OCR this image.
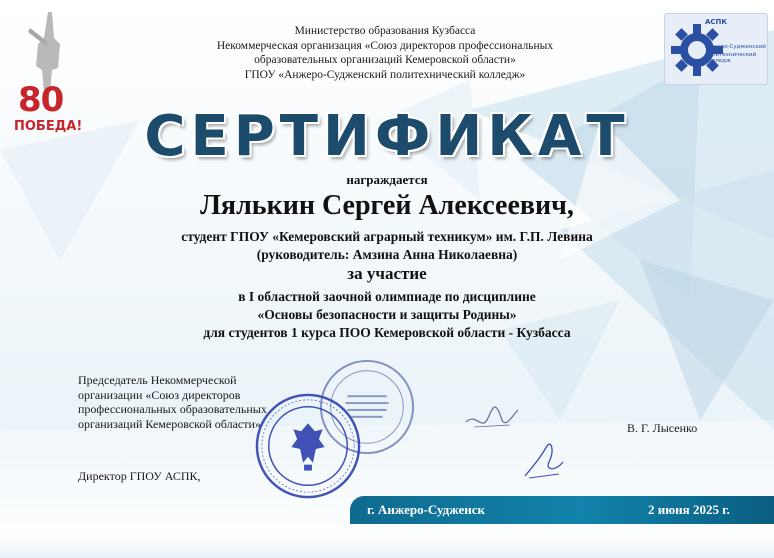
80
ПОБЕДА!
АСПК
Анжеро-Судженский
политехнический колледж
Министерство образования Кузбасса
Некоммерческая организация «Союз директоров профессиональных
образовательных организаций Кемеровской области»
ГПОУ «Анжеро-Судженский политехнический колледж»
СЕРТИФИКАТ
награждается
Лялькин Сергей Алексеевич,
студент ГПОУ «Кемеровский аграрный техникум» им. Г.П. Левина
(руководитель: Амзина Анна Николаевна)
за участие
в I областной заочной олимпиаде по дисциплине
«Основы безопасности и защиты Родины»
для студентов 1 курса ПОО Кемеровской области - Кузбасса
Председатель Некоммерческой
организации «Союз директоров
профессиональных образовательных
организаций Кемеровской области»	В. Г. Лысенко
Директор ГПОУ АСПК,
г. Анжеро-Судженск	2 июня 2025 г.
